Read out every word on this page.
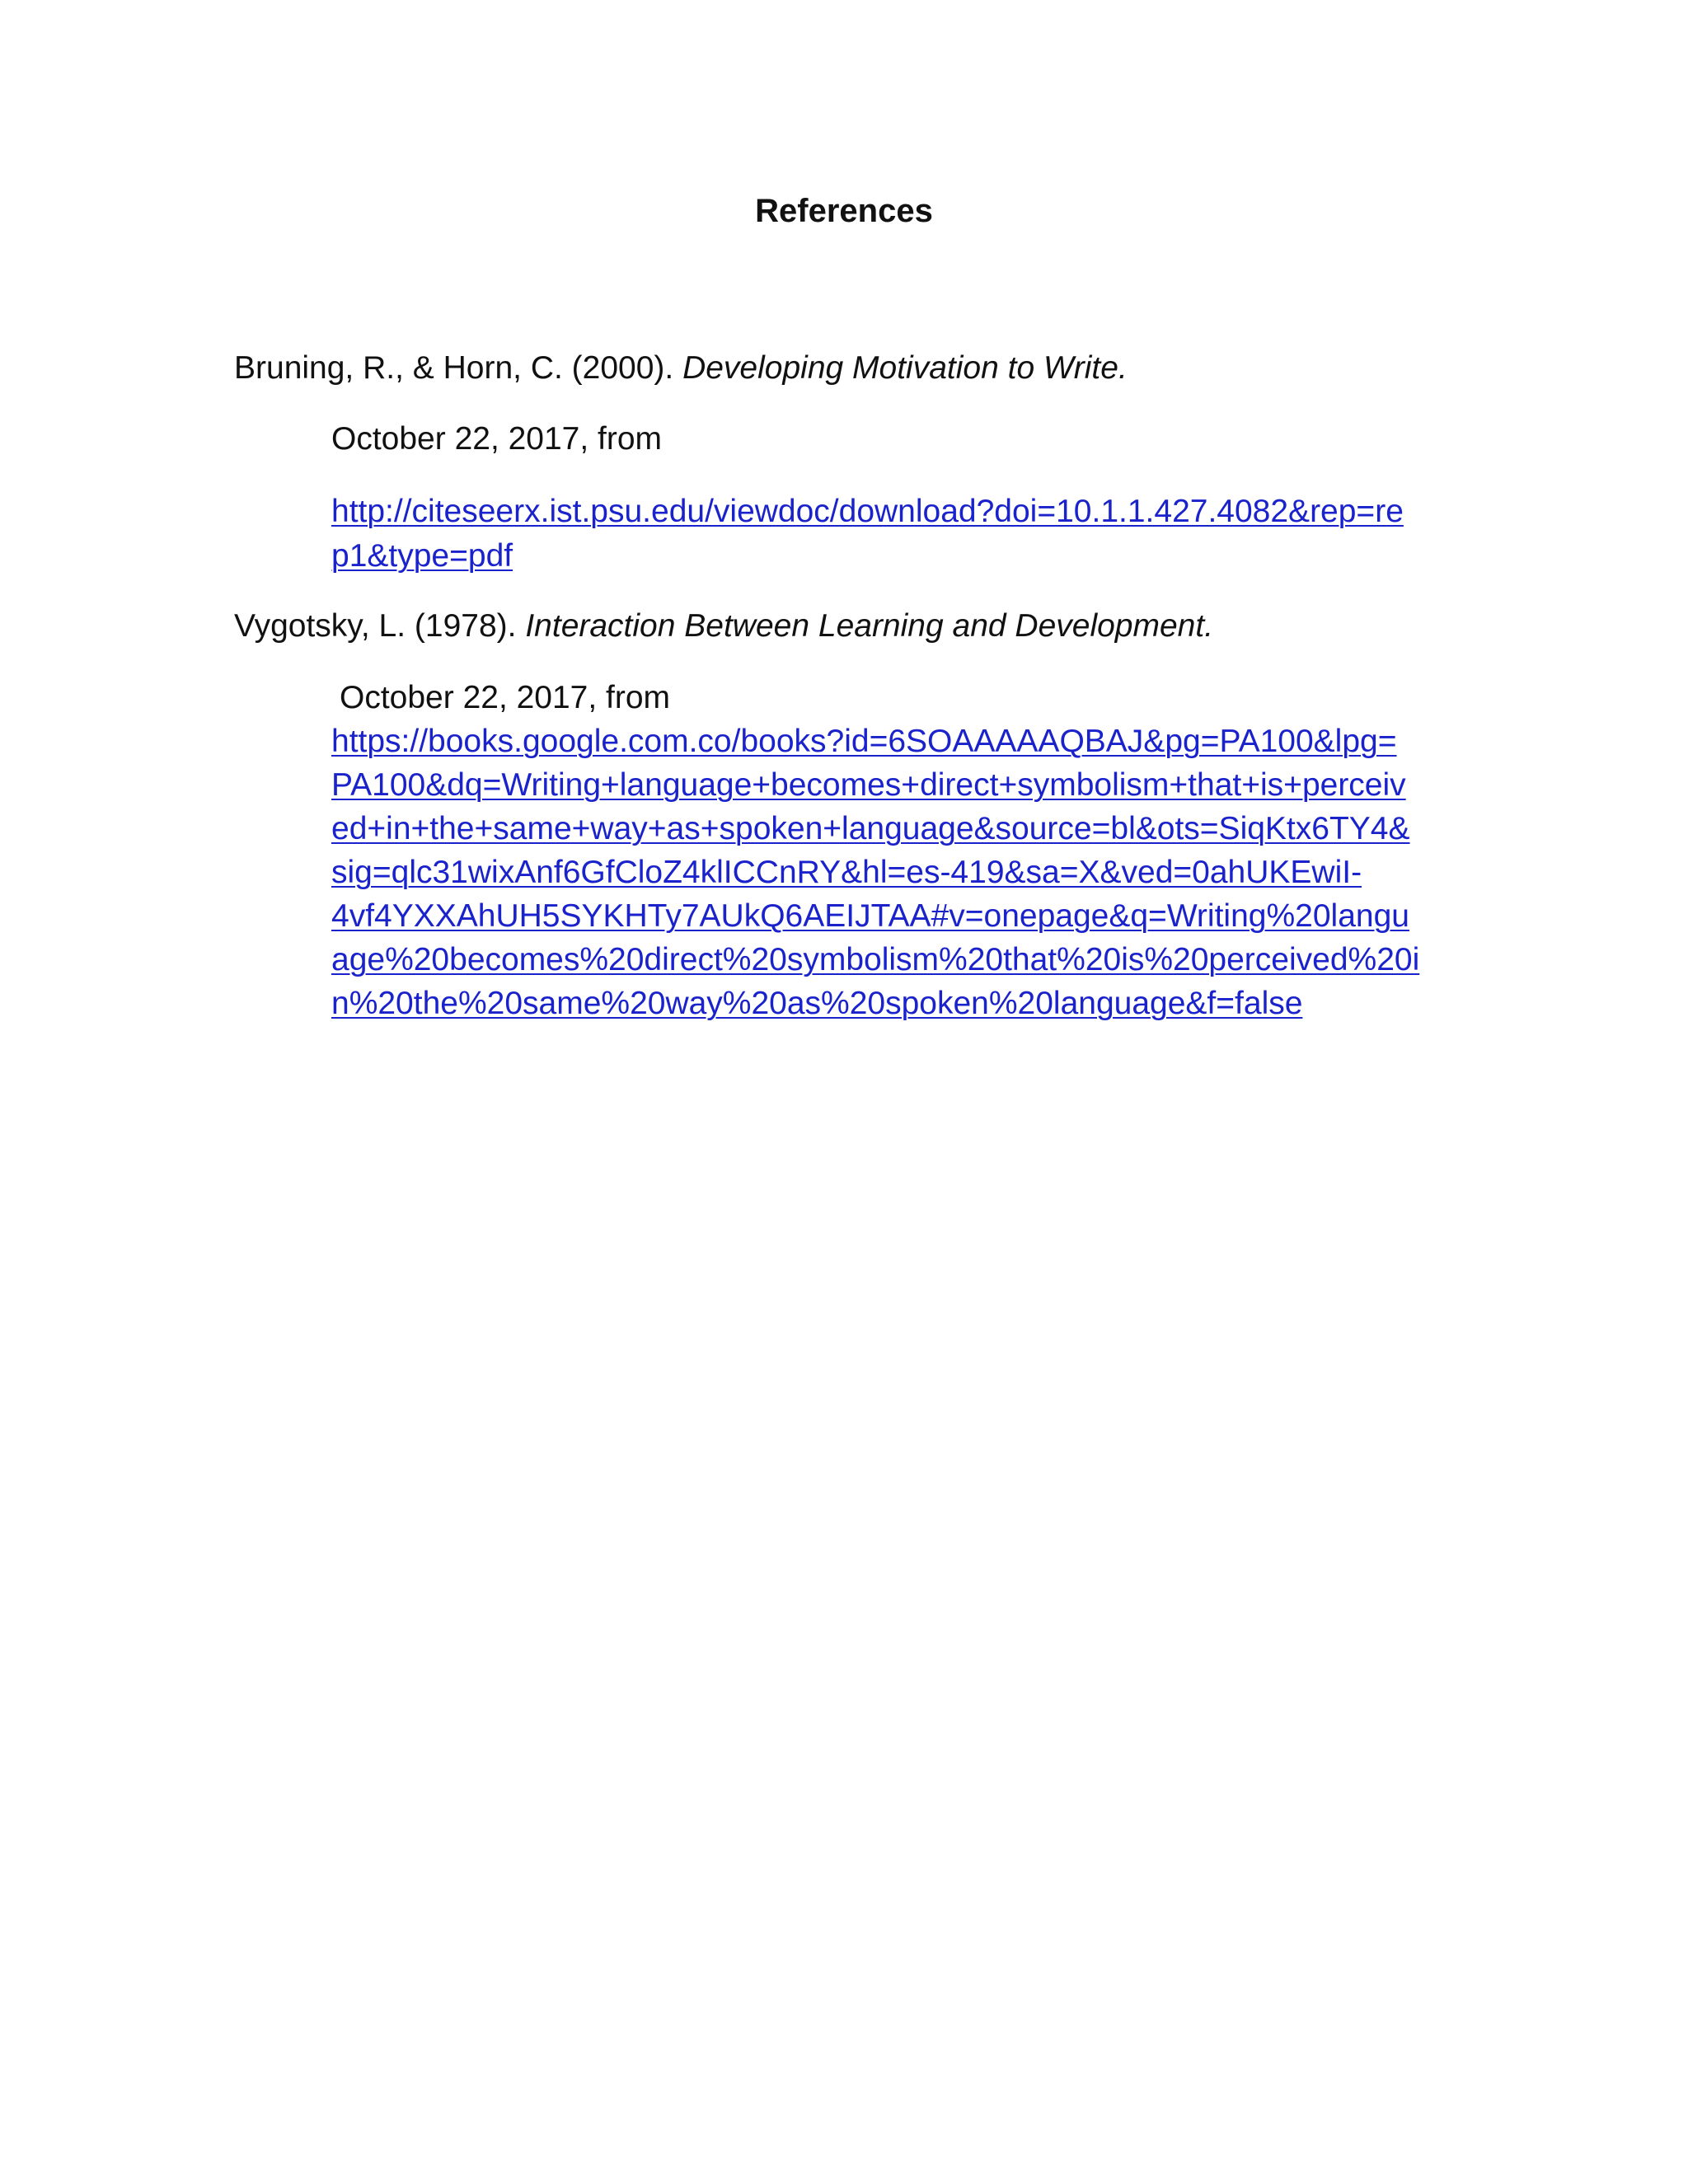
References
Bruning, R., & Horn, C. (2000). Developing Motivation to Write.
October 22, 2017, from
http://citeseerx.ist.psu.edu/viewdoc/download?doi=10.1.1.427.4082&rep=re
p1&type=pdf
Vygotsky, L. (1978). Interaction Between Learning and Development.
October 22, 2017, from
https://books.google.com.co/books?id=6SOAAAAAQBAJ&pg=PA100&lpg=
PA100&dq=Writing+language+becomes+direct+symbolism+that+is+perceiv
ed+in+the+same+way+as+spoken+language&source=bl&ots=SiqKtx6TY4&
sig=qlc31wixAnf6GfCloZ4klICCnRY&hl=es-419&sa=X&ved=0ahUKEwiI-
4vf4YXXAhUH5SYKHTy7AUkQ6AEIJTAA#v=onepage&q=Writing%20langu
age%20becomes%20direct%20symbolism%20that%20is%20perceived%20i
n%20the%20same%20way%20as%20spoken%20language&f=false
